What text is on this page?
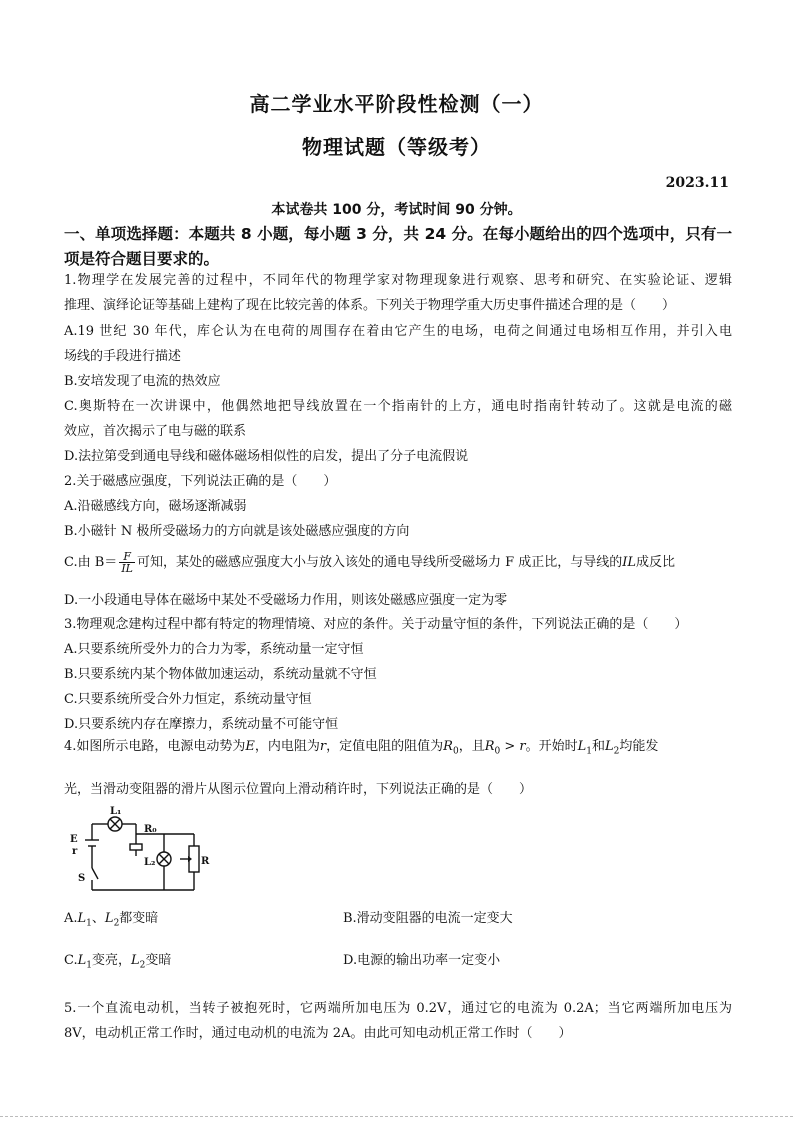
高二学业水平阶段性检测（一）
物理试题（等级考）
2023.11
本试卷共 100 分，考试时间 90 分钟。
一、单项选择题：本题共 8 小题，每小题 3 分，共 24 分。在每小题给出的四个选项中，只有一
项是符合题目要求的。
1.物理学在发展完善的过程中，不同年代的物理学家对物理现象进行观察、思考和研究、在实验论证、逻辑
推理、演绎论证等基础上建构了现在比较完善的体系。下列关于物理学重大历史事件描述合理的是（　　）
A.19 世纪 30 年代，库仑认为在电荷的周围存在着由它产生的电场，电荷之间通过电场相互作用，并引入电
场线的手段进行描述
B.安培发现了电流的热效应
C.奥斯特在一次讲课中，他偶然地把导线放置在一个指南针的上方，通电时指南针转动了。这就是电流的磁
效应，首次揭示了电与磁的联系
D.法拉第受到通电导线和磁体磁场相似性的启发，提出了分子电流假说
2.关于磁感应强度，下列说法正确的是（　　）
A.沿磁感线方向，磁场逐渐减弱
B.小磁针 N 极所受磁场力的方向就是该处磁感应强度的方向
C.由 $B= \frac{F}{IL}$ 可知，某处的磁感应强度大小与放入该处的通电导线所受磁场力 F 成正比，与导线的IL成反比
D.一小段通电导体在磁场中某处不受磁场力作用，则该处磁感应强度一定为零
3.物理观念建构过程中都有特定的物理情境、对应的条件。关于动量守恒的条件，下列说法正确的是（　　）
A.只要系统所受外力的合力为零，系统动量一定守恒
B.只要系统内某个物体做加速运动，系统动量就不守恒
C.只要系统所受合外力恒定，系统动量守恒
D.只要系统内存在摩擦力，系统动量不可能守恒
4.如图所示电路，电源电动势为E，内电阻为r，定值电阻的阻值为$R_0$，且$R_0 > r$。开始时$L_1$和$L_2$均能发
光，当滑动变阻器的滑片从图示位置向上滑动稍许时，下列说法正确的是（　　）
L₁
R₀
L₂	R
E
r
S
$A.L_1$、$L_2$都变暗	B.滑动变阻器的电流一定变大
$C.L_1$变亮，$L_2$变暗	D.电源的输出功率一定变小
5.一个直流电动机，当转子被抱死时，它两端所加电压为 0.2V，通过它的电流为 0.2A；当它两端所加电压为
8V，电动机正常工作时，通过电动机的电流为 2A。由此可知电动机正常工作时（　　）
